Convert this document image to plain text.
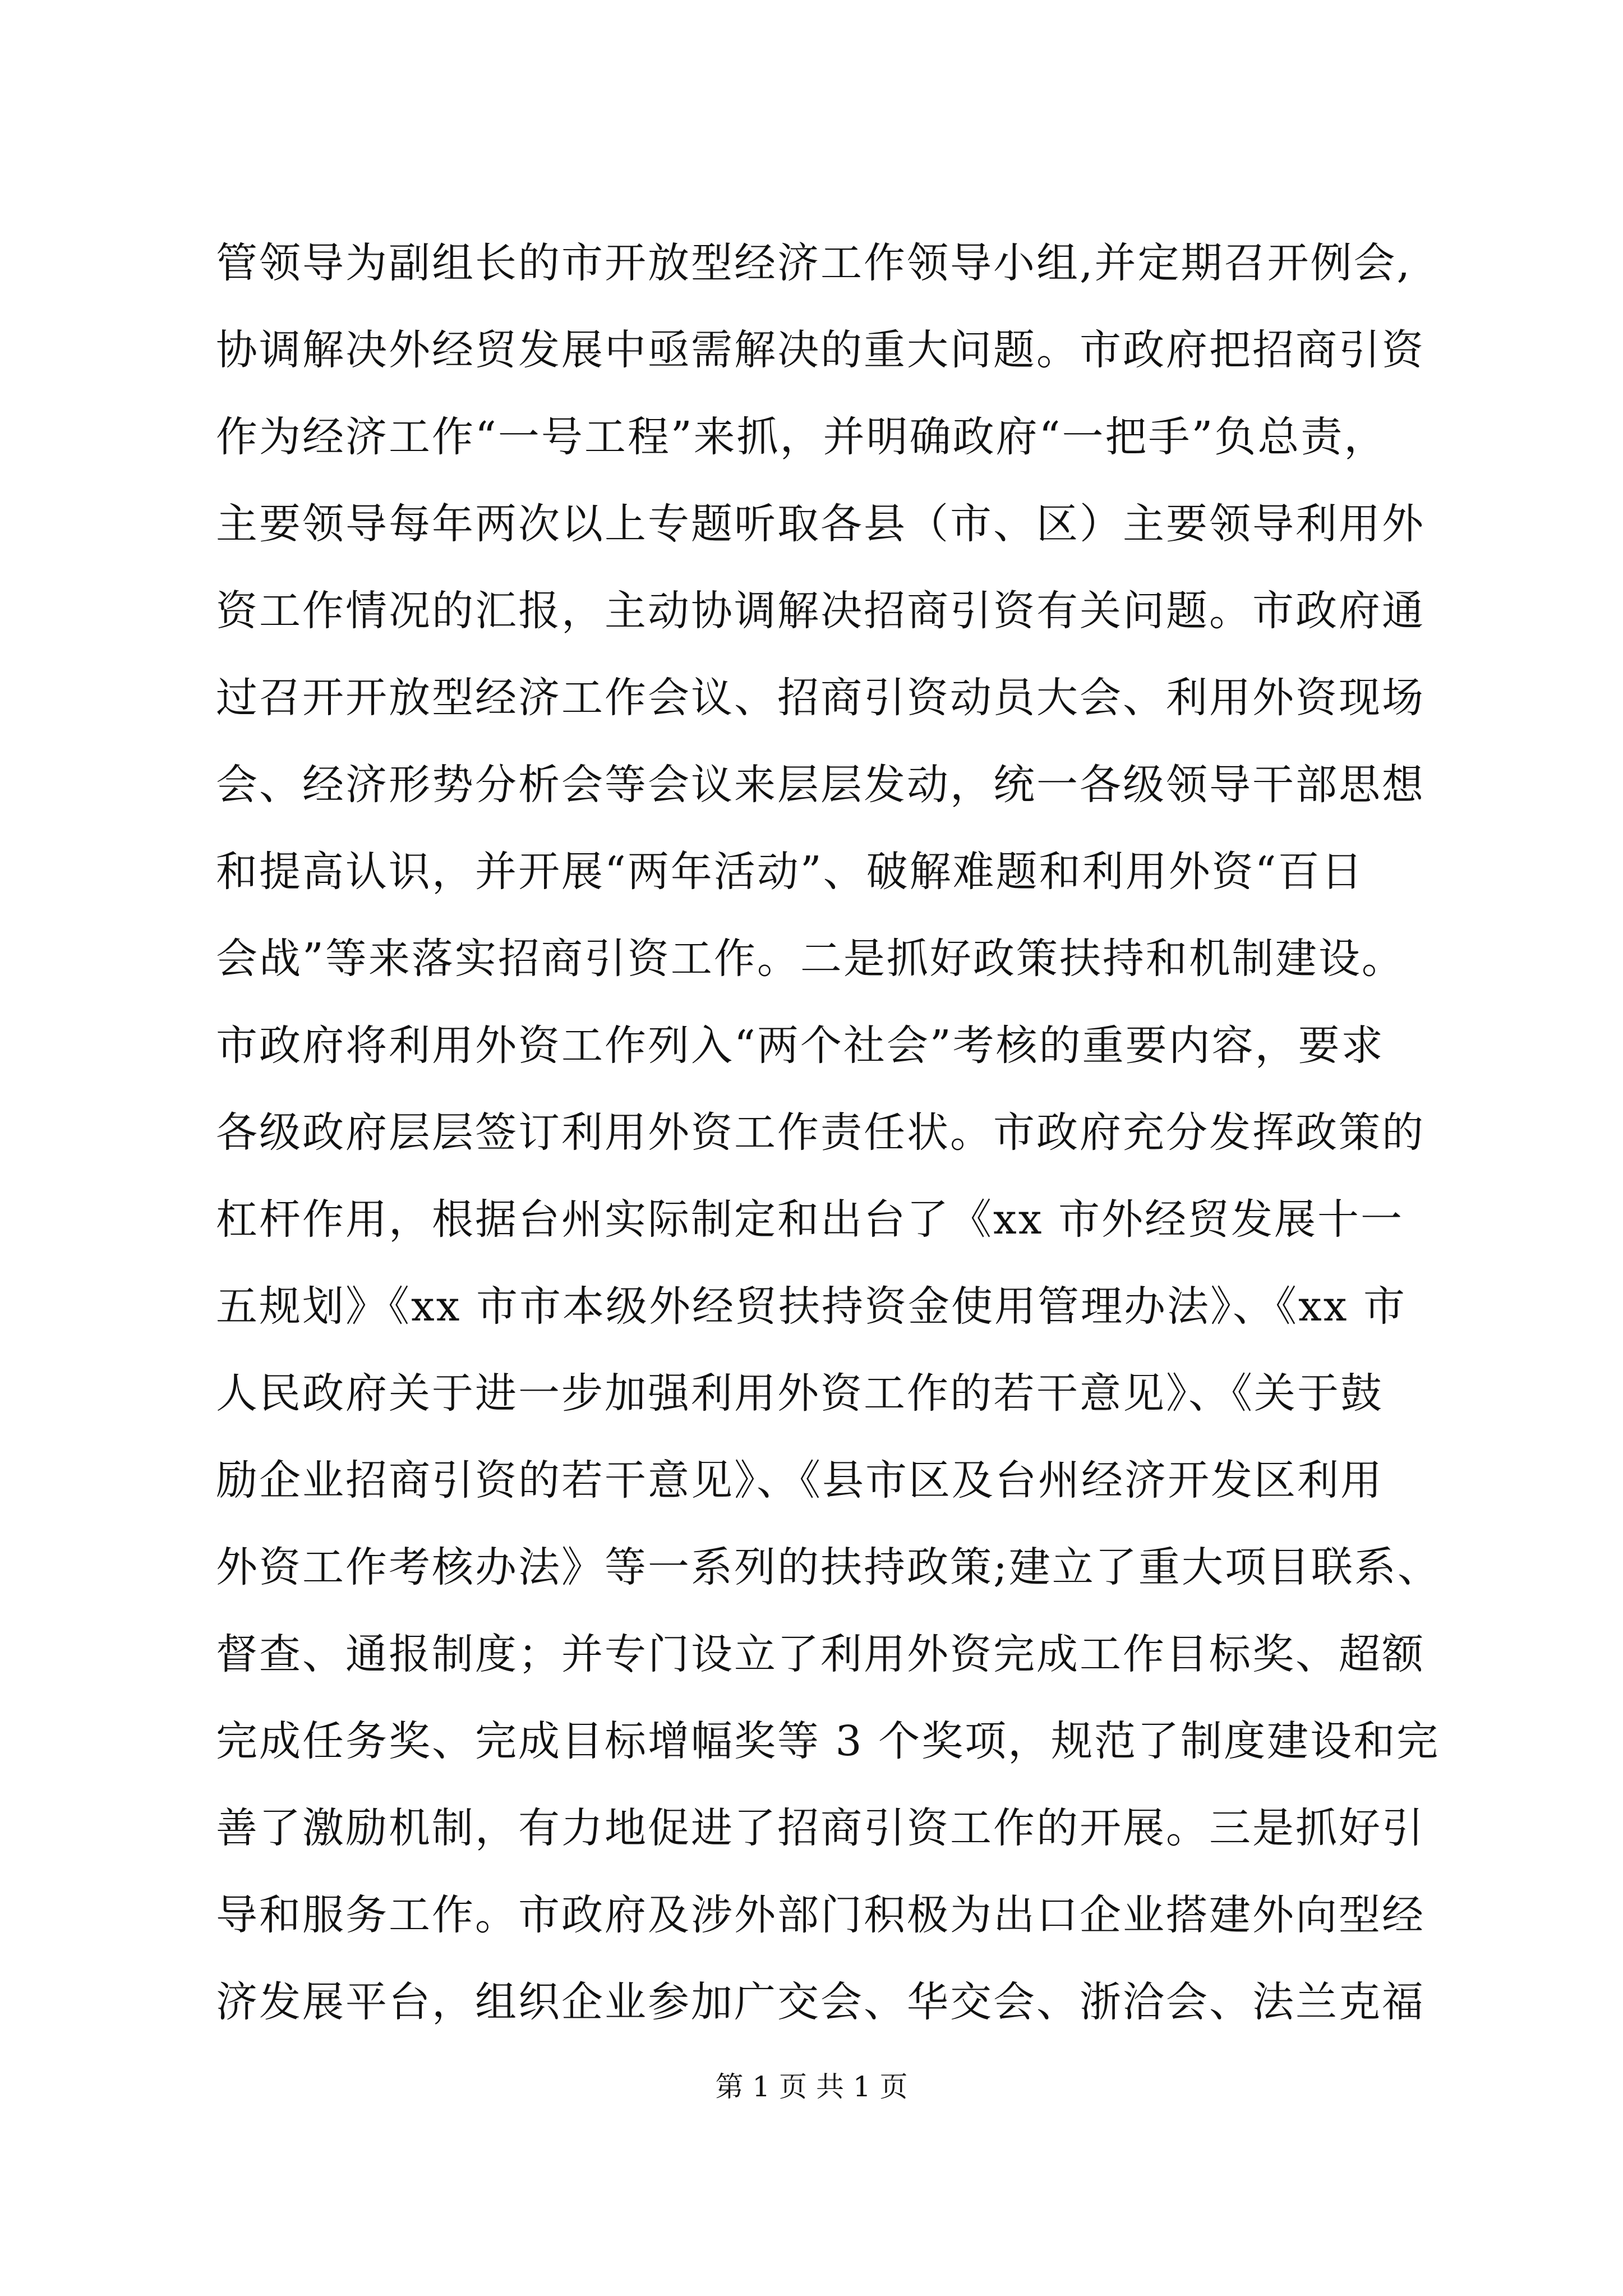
管领导为副组长的市开放型经济工作领导小组,并定期召开例会,
协调解决外经贸发展中亟需解决的重大问题。市政府把招商引资
作为经济工作“一号工程”来抓，并明确政府“一把手”负总责，
主要领导每年两次以上专题听取各县（市、区）主要领导利用外
资工作情况的汇报，主动协调解决招商引资有关问题。市政府通
过召开开放型经济工作会议、招商引资动员大会、利用外资现场
会、经济形势分析会等会议来层层发动，统一各级领导干部思想
和提高认识，并开展“两年活动”、破解难题和利用外资“百日
会战”等来落实招商引资工作。二是抓好政策扶持和机制建设。
市政府将利用外资工作列入“两个社会”考核的重要内容，要求
各级政府层层签订利用外资工作责任状。市政府充分发挥政策的
杠杆作用，根据台州实际制定和出台了《xx 市外经贸发展十一
五规划》《xx 市市本级外经贸扶持资金使用管理办法》、《xx 市
人民政府关于进一步加强利用外资工作的若干意见》、《关于鼓
励企业招商引资的若干意见》、《县市区及台州经济开发区利用
外资工作考核办法》等一系列的扶持政策;建立了重大项目联系、
督查、通报制度；并专门设立了利用外资完成工作目标奖、超额
完成任务奖、完成目标增幅奖等 3 个奖项，规范了制度建设和完
善了激励机制，有力地促进了招商引资工作的开展。三是抓好引
导和服务工作。市政府及涉外部门积极为出口企业搭建外向型经
济发展平台，组织企业参加广交会、华交会、浙洽会、法兰克福
第 1 页 共 1 页
